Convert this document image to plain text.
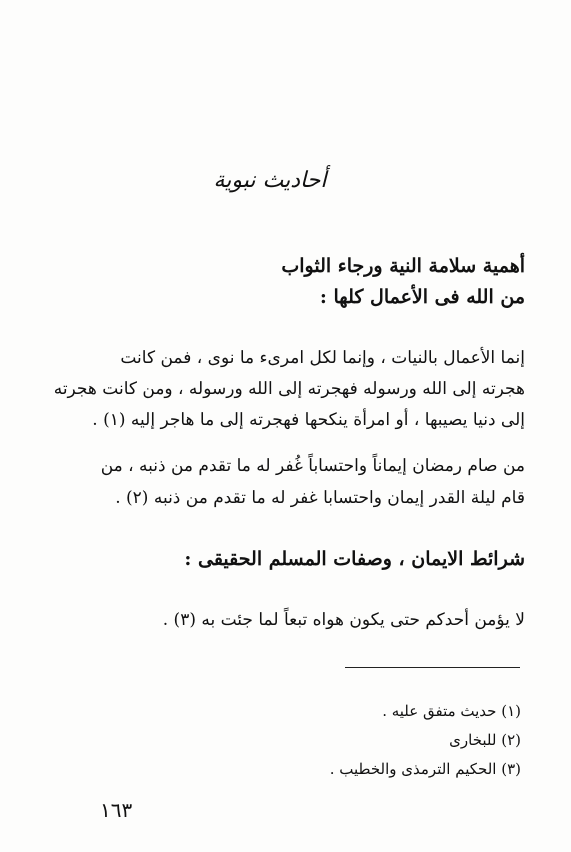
أحاديث نبوية
أهمية سلامة النية ورجاء الثواب
من الله فى الأعمال كلها :
إنما الأعمال بالنيات ، وإنما لكل امرىء ما نوى ، فمن كانت
هجرته إلى الله ورسوله فهجرته إلى الله ورسوله ، ومن كانت هجرته
إلى دنيا يصيبها ، أو امرأة ينكحها فهجرته إلى ما هاجر إليه (١) .
من صام رمضان إيماناً واحتساباً غُفر له ما تقدم من ذنبه ، من
قام ليلة القدر إيمان واحتسابا غفر له ما تقدم من ذنبه (٢) .
شرائط الايمان ، وصفات المسلم الحقيقى :
لا يؤمن أحدكم حتى يكون هواه تبعاً لما جئت به (٣) .
(١) حديث متفق عليه .
(٢) للبخارى
(٣) الحكيم الترمذى والخطيب .
١٦٣
